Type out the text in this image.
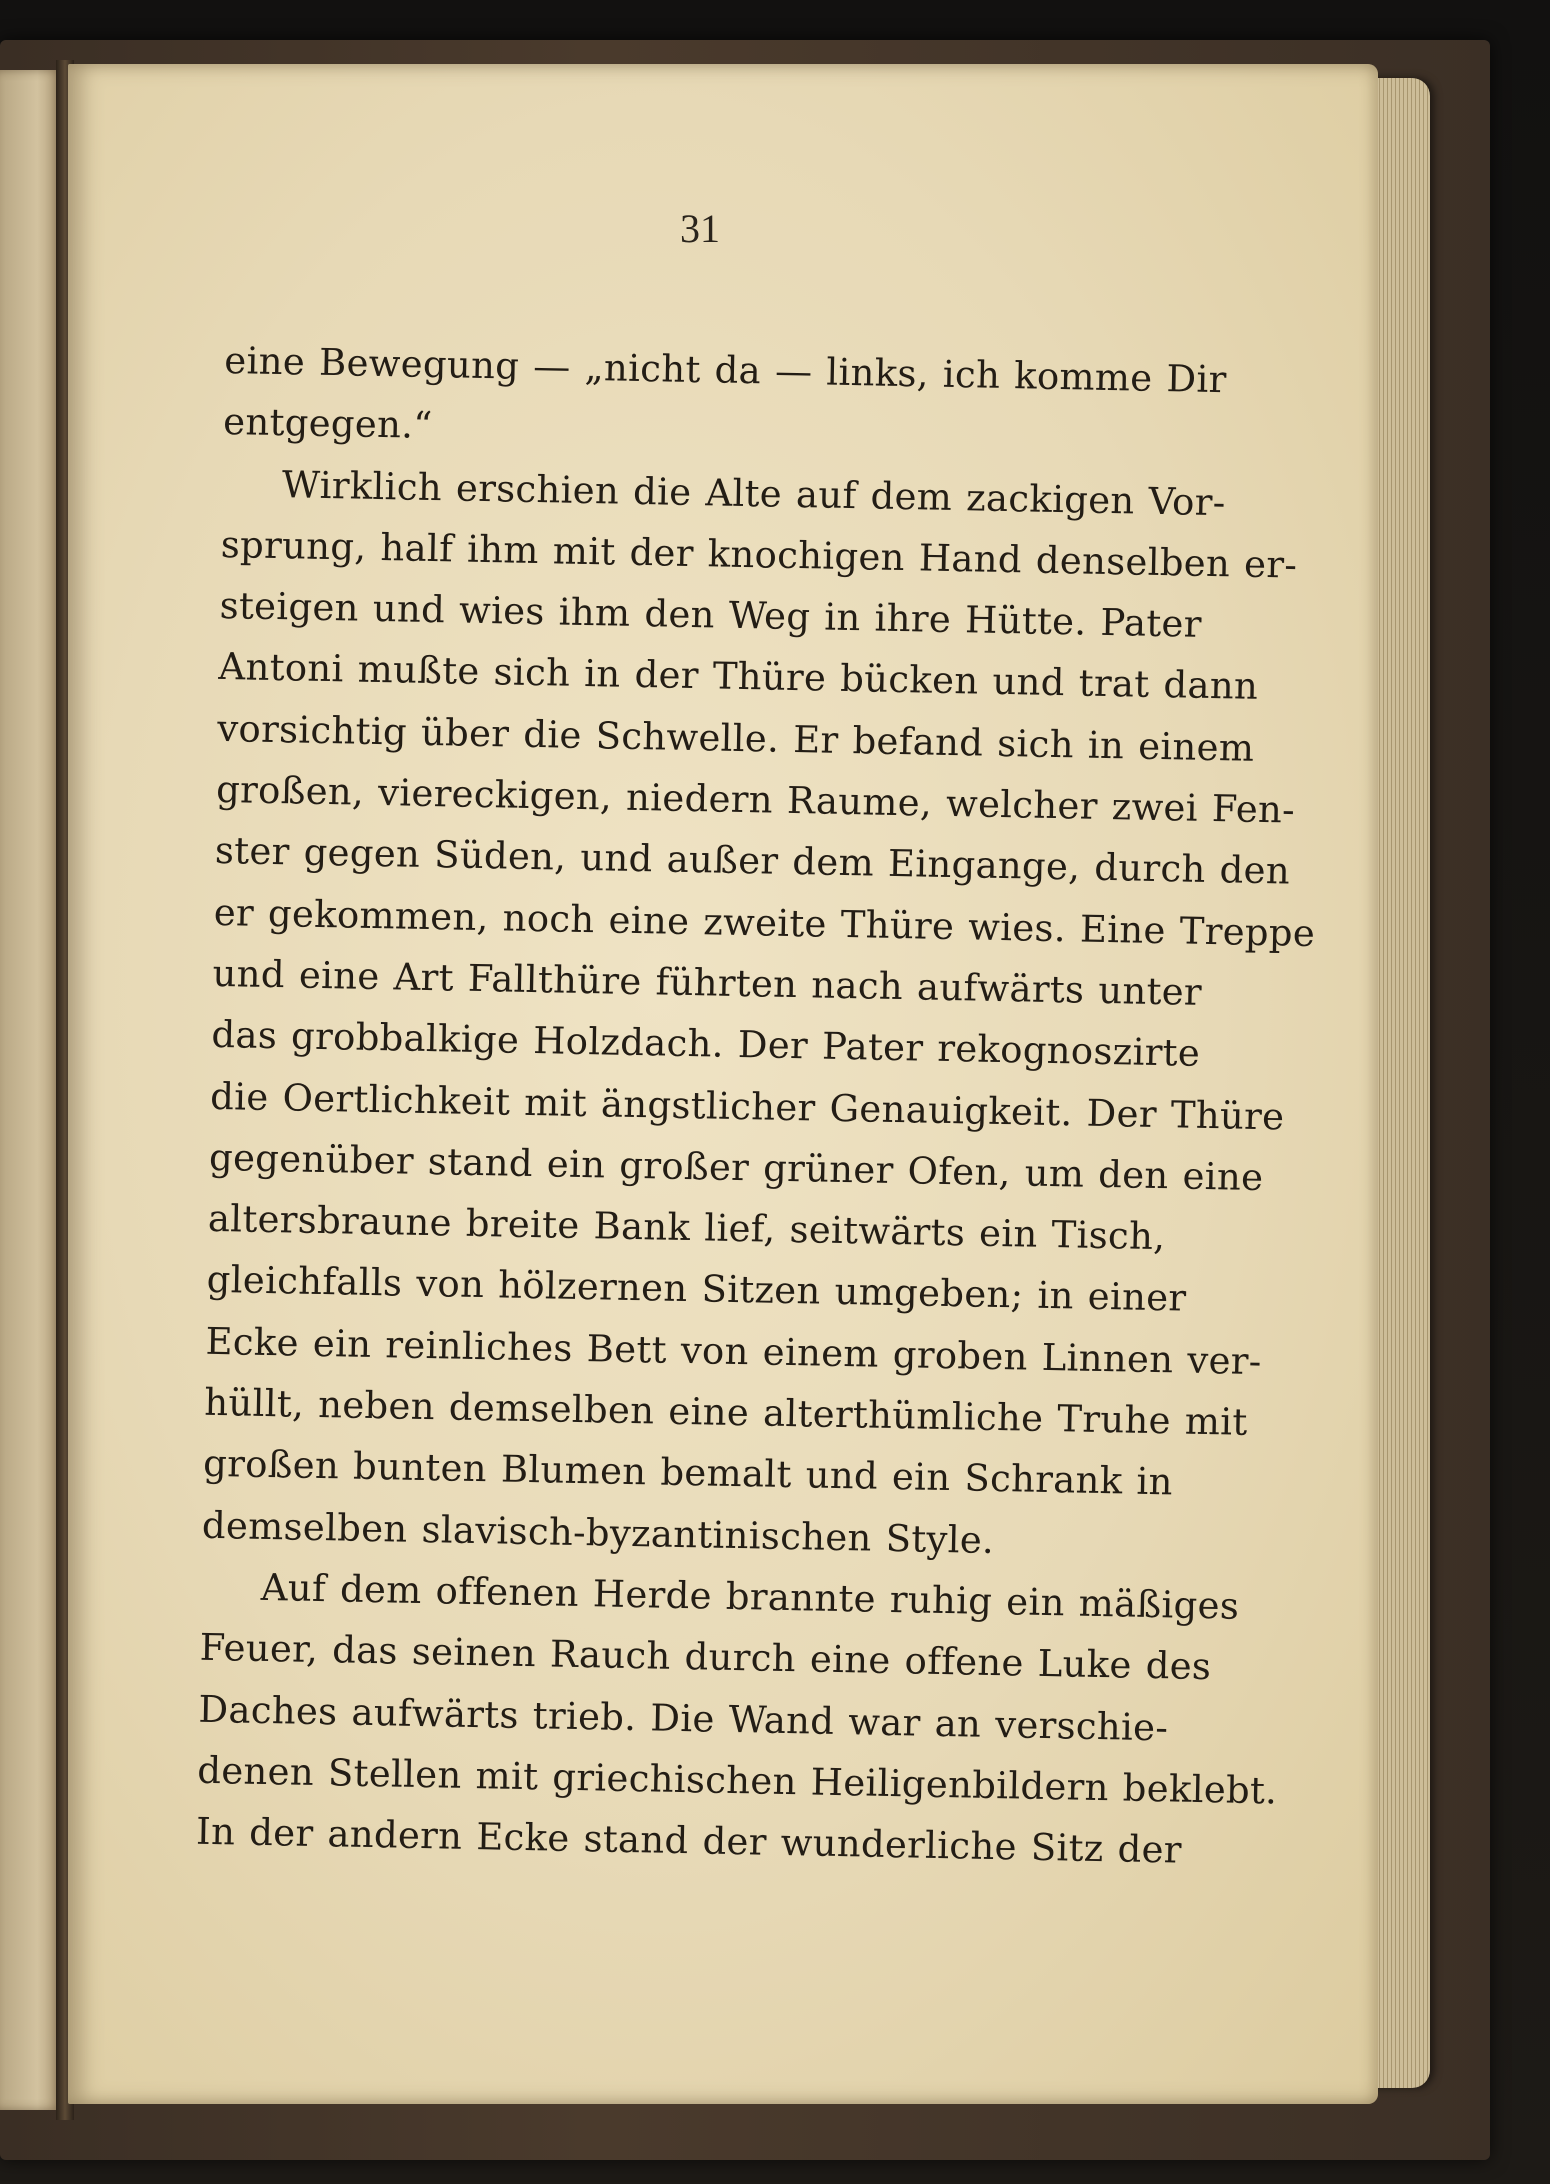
31

eine Bewegung — „nicht da — links, ich komme Dir
entgegen.“
Wirklich erschien die Alte auf dem zackigen Vor-
sprung, half ihm mit der knochigen Hand denselben er-
steigen und wies ihm den Weg in ihre Hütte. Pater
Antoni mußte sich in der Thüre bücken und trat dann
vorsichtig über die Schwelle. Er befand sich in einem
großen, viereckigen, niedern Raume, welcher zwei Fen-
ster gegen Süden, und außer dem Eingange, durch den
er gekommen, noch eine zweite Thüre wies. Eine Treppe
und eine Art Fallthüre führten nach aufwärts unter
das grobbalkige Holzdach. Der Pater rekognoszirte
die Oertlichkeit mit ängstlicher Genauigkeit. Der Thüre
gegenüber stand ein großer grüner Ofen, um den eine
altersbraune breite Bank lief, seitwärts ein Tisch,
gleichfalls von hölzernen Sitzen umgeben; in einer
Ecke ein reinliches Bett von einem groben Linnen ver-
hüllt, neben demselben eine alterthümliche Truhe mit
großen bunten Blumen bemalt und ein Schrank in
demselben slavisch-byzantinischen Style.
Auf dem offenen Herde brannte ruhig ein mäßiges
Feuer, das seinen Rauch durch eine offene Luke des
Daches aufwärts trieb. Die Wand war an verschie-
denen Stellen mit griechischen Heiligenbildern beklebt.
In der andern Ecke stand der wunderliche Sitz der
